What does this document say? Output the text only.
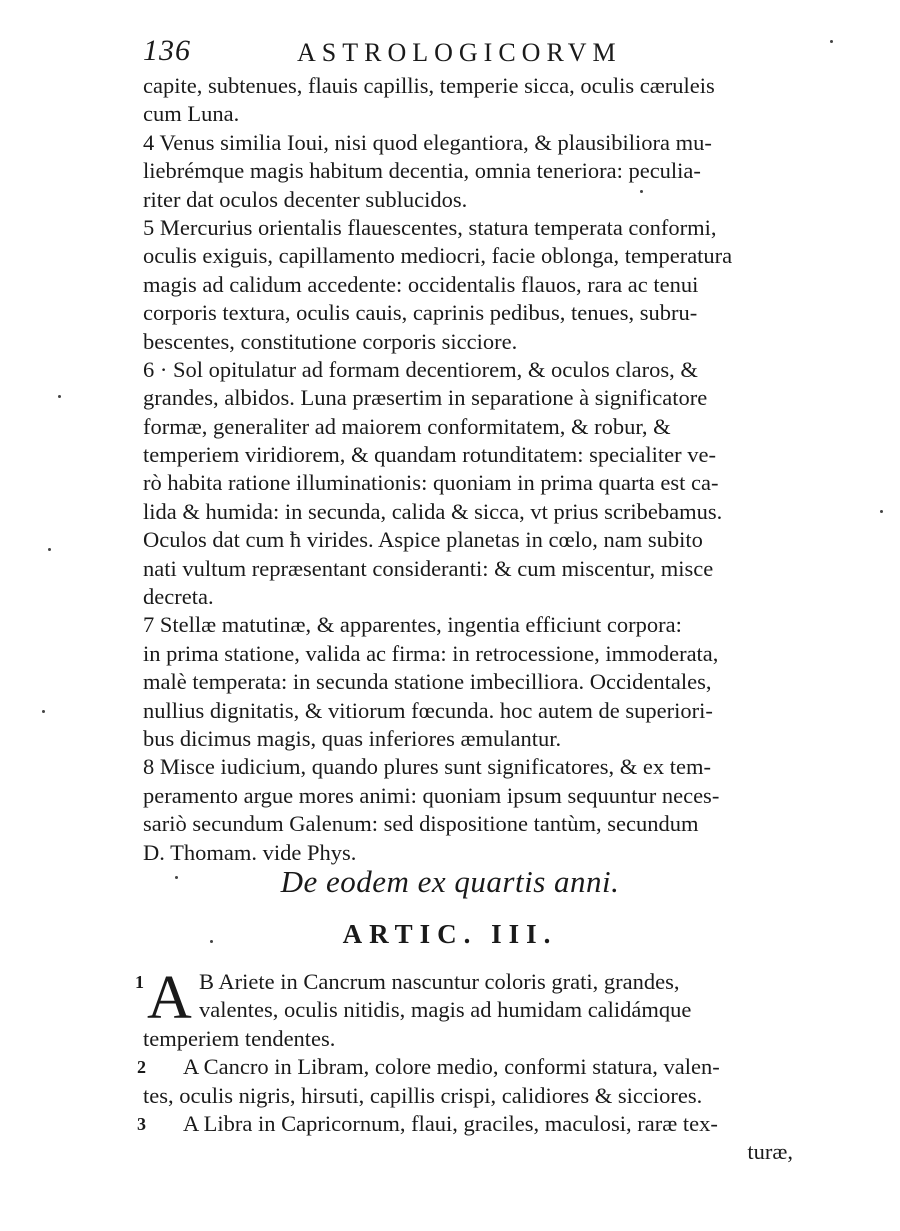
136	ASTROLOGICORVM
capite, subtenues, flauis capillis, temperie sicca, oculis cæruleis
cum Luna.
4 Venus similia Ioui, nisi quod elegantiora, & plausibiliora mu-
liebrémque magis habitum decentia, omnia teneriora: peculia-
riter dat oculos decenter sublucidos.
5 Mercurius orientalis flauescentes, statura temperata conformi,
oculis exiguis, capillamento mediocri, facie oblonga, temperatura
magis ad calidum accedente: occidentalis flauos, rara ac tenui
corporis textura, oculis cauis, caprinis pedibus, tenues, subru-
bescentes, constitutione corporis sicciore.
6 · Sol opitulatur ad formam decentiorem, & oculos claros, &
grandes, albidos. Luna præsertim in separatione à significatore
formæ, generaliter ad maiorem conformitatem, & robur, &
temperiem viridiorem, & quandam rotunditatem: specialiter ve-
rò habita ratione illuminationis: quoniam in prima quarta est ca-
lida & humida: in secunda, calida & sicca, vt prius scribebamus.
Oculos dat cum ħ virides. Aspice planetas in cœlo, nam subito
nati vultum repræsentant consideranti: & cum miscentur, misce
decreta.
7 Stellæ matutinæ, & apparentes, ingentia efficiunt corpora:
in prima statione, valida ac firma: in retrocessione, immoderata,
malè temperata: in secunda statione imbecilliora. Occidentales,
nullius dignitatis, & vitiorum fœcunda. hoc autem de superiori-
bus dicimus magis, quas inferiores æmulantur.
8 Misce iudicium, quando plures sunt significatores, & ex tem-
peramento argue mores animi: quoniam ipsum sequuntur neces-
sariò secundum Galenum: sed dispositione tantùm, secundum
D. Thomam. vide Phys.
De eodem ex quartis anni.
ARTIC. III.
1 A B Ariete in Cancrum nascuntur coloris grati, grandes,
valentes, oculis nitidis, magis ad humidam calidámque
temperiem tendentes.
2 A Cancro in Libram, colore medio, conformi statura, valen-
tes, oculis nigris, hirsuti, capillis crispi, calidiores & sicciores.
3 A Libra in Capricornum, flaui, graciles, maculosi, raræ tex-
turæ,
